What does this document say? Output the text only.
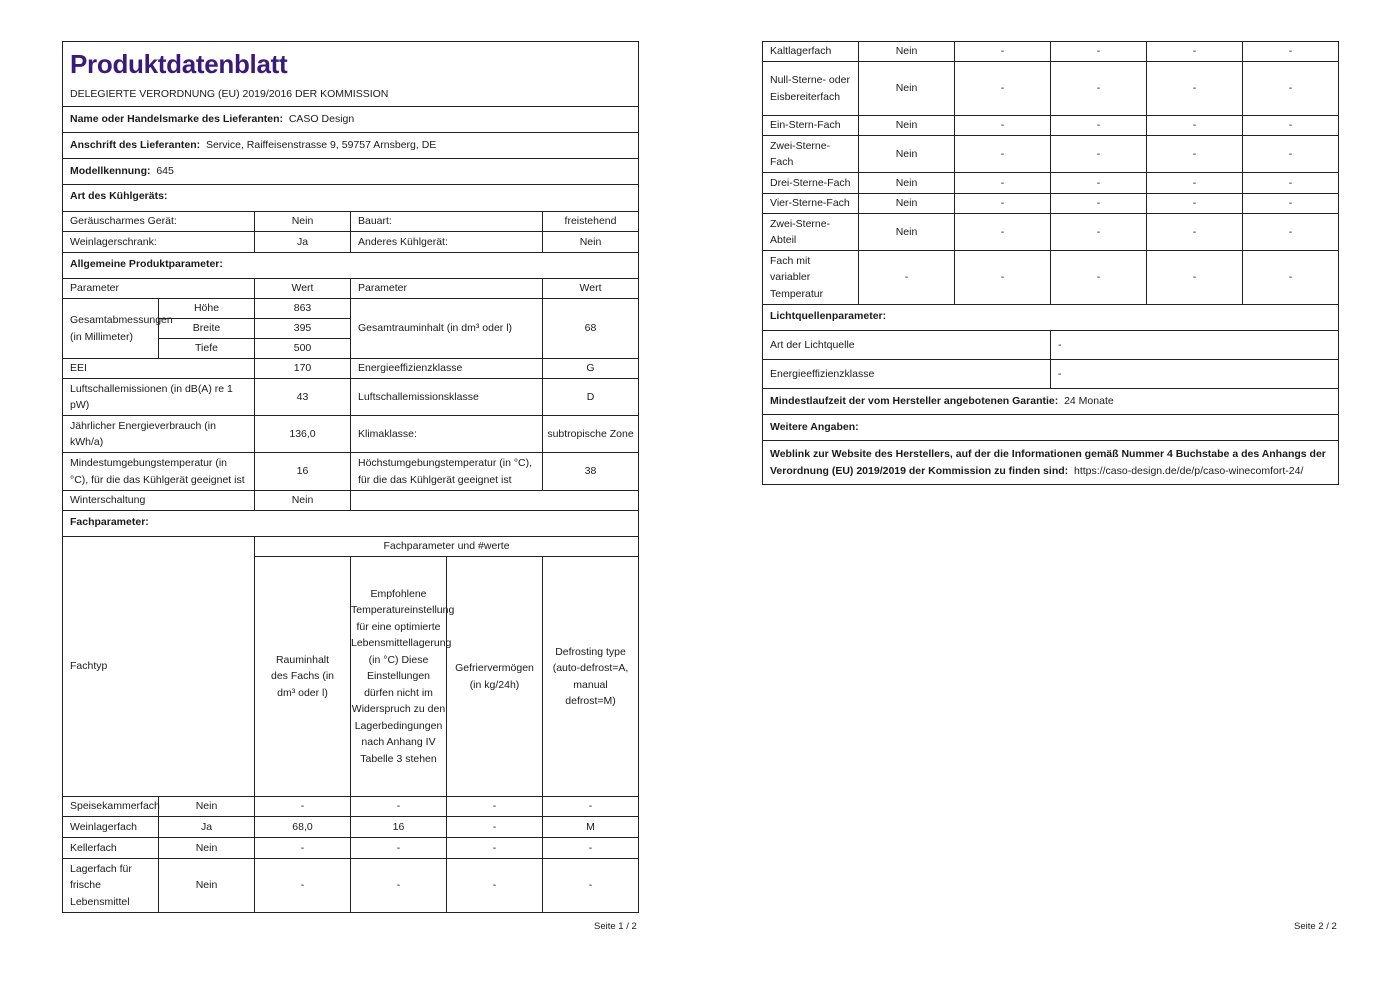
Produktdatenblatt
DELEGIERTE VERORDNUNG (EU) 2019/2016 DER KOMMISSION					

Name oder Handelsmarke des Lieferanten: CASO Design					
Anschrift des Lieferanten: Service, Raiffeisenstrasse 9, 59757 Arnsberg, DE					
Modellkennung: 645					
Art des Kühlgeräts:					
Geräuscharmes Gerät:		Nein	Bauart:		freistehend
Weinlagerschrank:		Ja	Anderes Kühlgerät:		Nein
Allgemeine Produktparameter:					
Parameter		Wert	Parameter		Wert
Gesamtabmessungen (in Millimeter)	Höhe	863	Gesamtrauminhalt (in dm³ oder l)		68
	Breite	395			
	Tiefe	500			
EEI		170	Energieeffizienzklasse		G
Luftschallemissionen (in dB(A) re 1 pW)		43	Luftschallemissionsklasse		D
Jährlicher Energieverbrauch (in kWh/a)		136,0	Klimaklasse:		subtropische Zone
Mindestumgebungstemperatur (in °C), für die das Kühlgerät geeignet ist		16	Höchstumgebungstemperatur (in °C), für die das Kühlgerät geeignet ist		38
Winterschaltung		Nein			
Fachparameter:					
Fachtyp		Fachparameter und #werte			
		Rauminhalt des Fachs (in dm³ oder l)	Empfohlene Temperatureinstellung für eine optimierte Lebensmittellagerung (in °C) Diese Einstellungen dürfen nicht im Widerspruch zu den Lagerbedingungen nach Anhang IV Tabelle 3 stehen	Gefriervermögen (in kg/24h)	Defrosting type (auto-defrost=A, manual defrost=M)
Speisekammerfach	Nein	-	-	-	-
Weinlagerfach	Ja	68,0	16	-	M
Kellerfach	Nein	-	-	-	-
Lagerfach für frische Lebensmittel	Nein	-	-	-	-
Seite 1 / 2
Kaltlagerfach	Nein	-	-	-	-
Null-Sterne- oder Eisbereiterfach	Nein	-	-	-	-
Ein-Stern-Fach	Nein	-	-	-	-
Zwei-Sterne-Fach	Nein	-	-	-	-
Drei-Sterne-Fach	Nein	-	-	-	-
Vier-Sterne-Fach	Nein	-	-	-	-
Zwei-Sterne-Abteil	Nein	-	-	-	-
Fach mit variabler Temperatur	-	-	-	-	-
Lichtquellenparameter:					
Art der Lichtquelle			-		
Energieeffizienzklasse			-		
Mindestlaufzeit der vom Hersteller angebotenen Garantie: 24 Monate					
Weitere Angaben:					
Weblink zur Website des Herstellers, auf der die Informationen gemäß Nummer 4 Buchstabe a des Anhangs der Verordnung (EU) 2019/2019 der Kommission zu finden sind: https://caso-design.de/de/p/caso-winecomfort-24/					
Seite 2 / 2
